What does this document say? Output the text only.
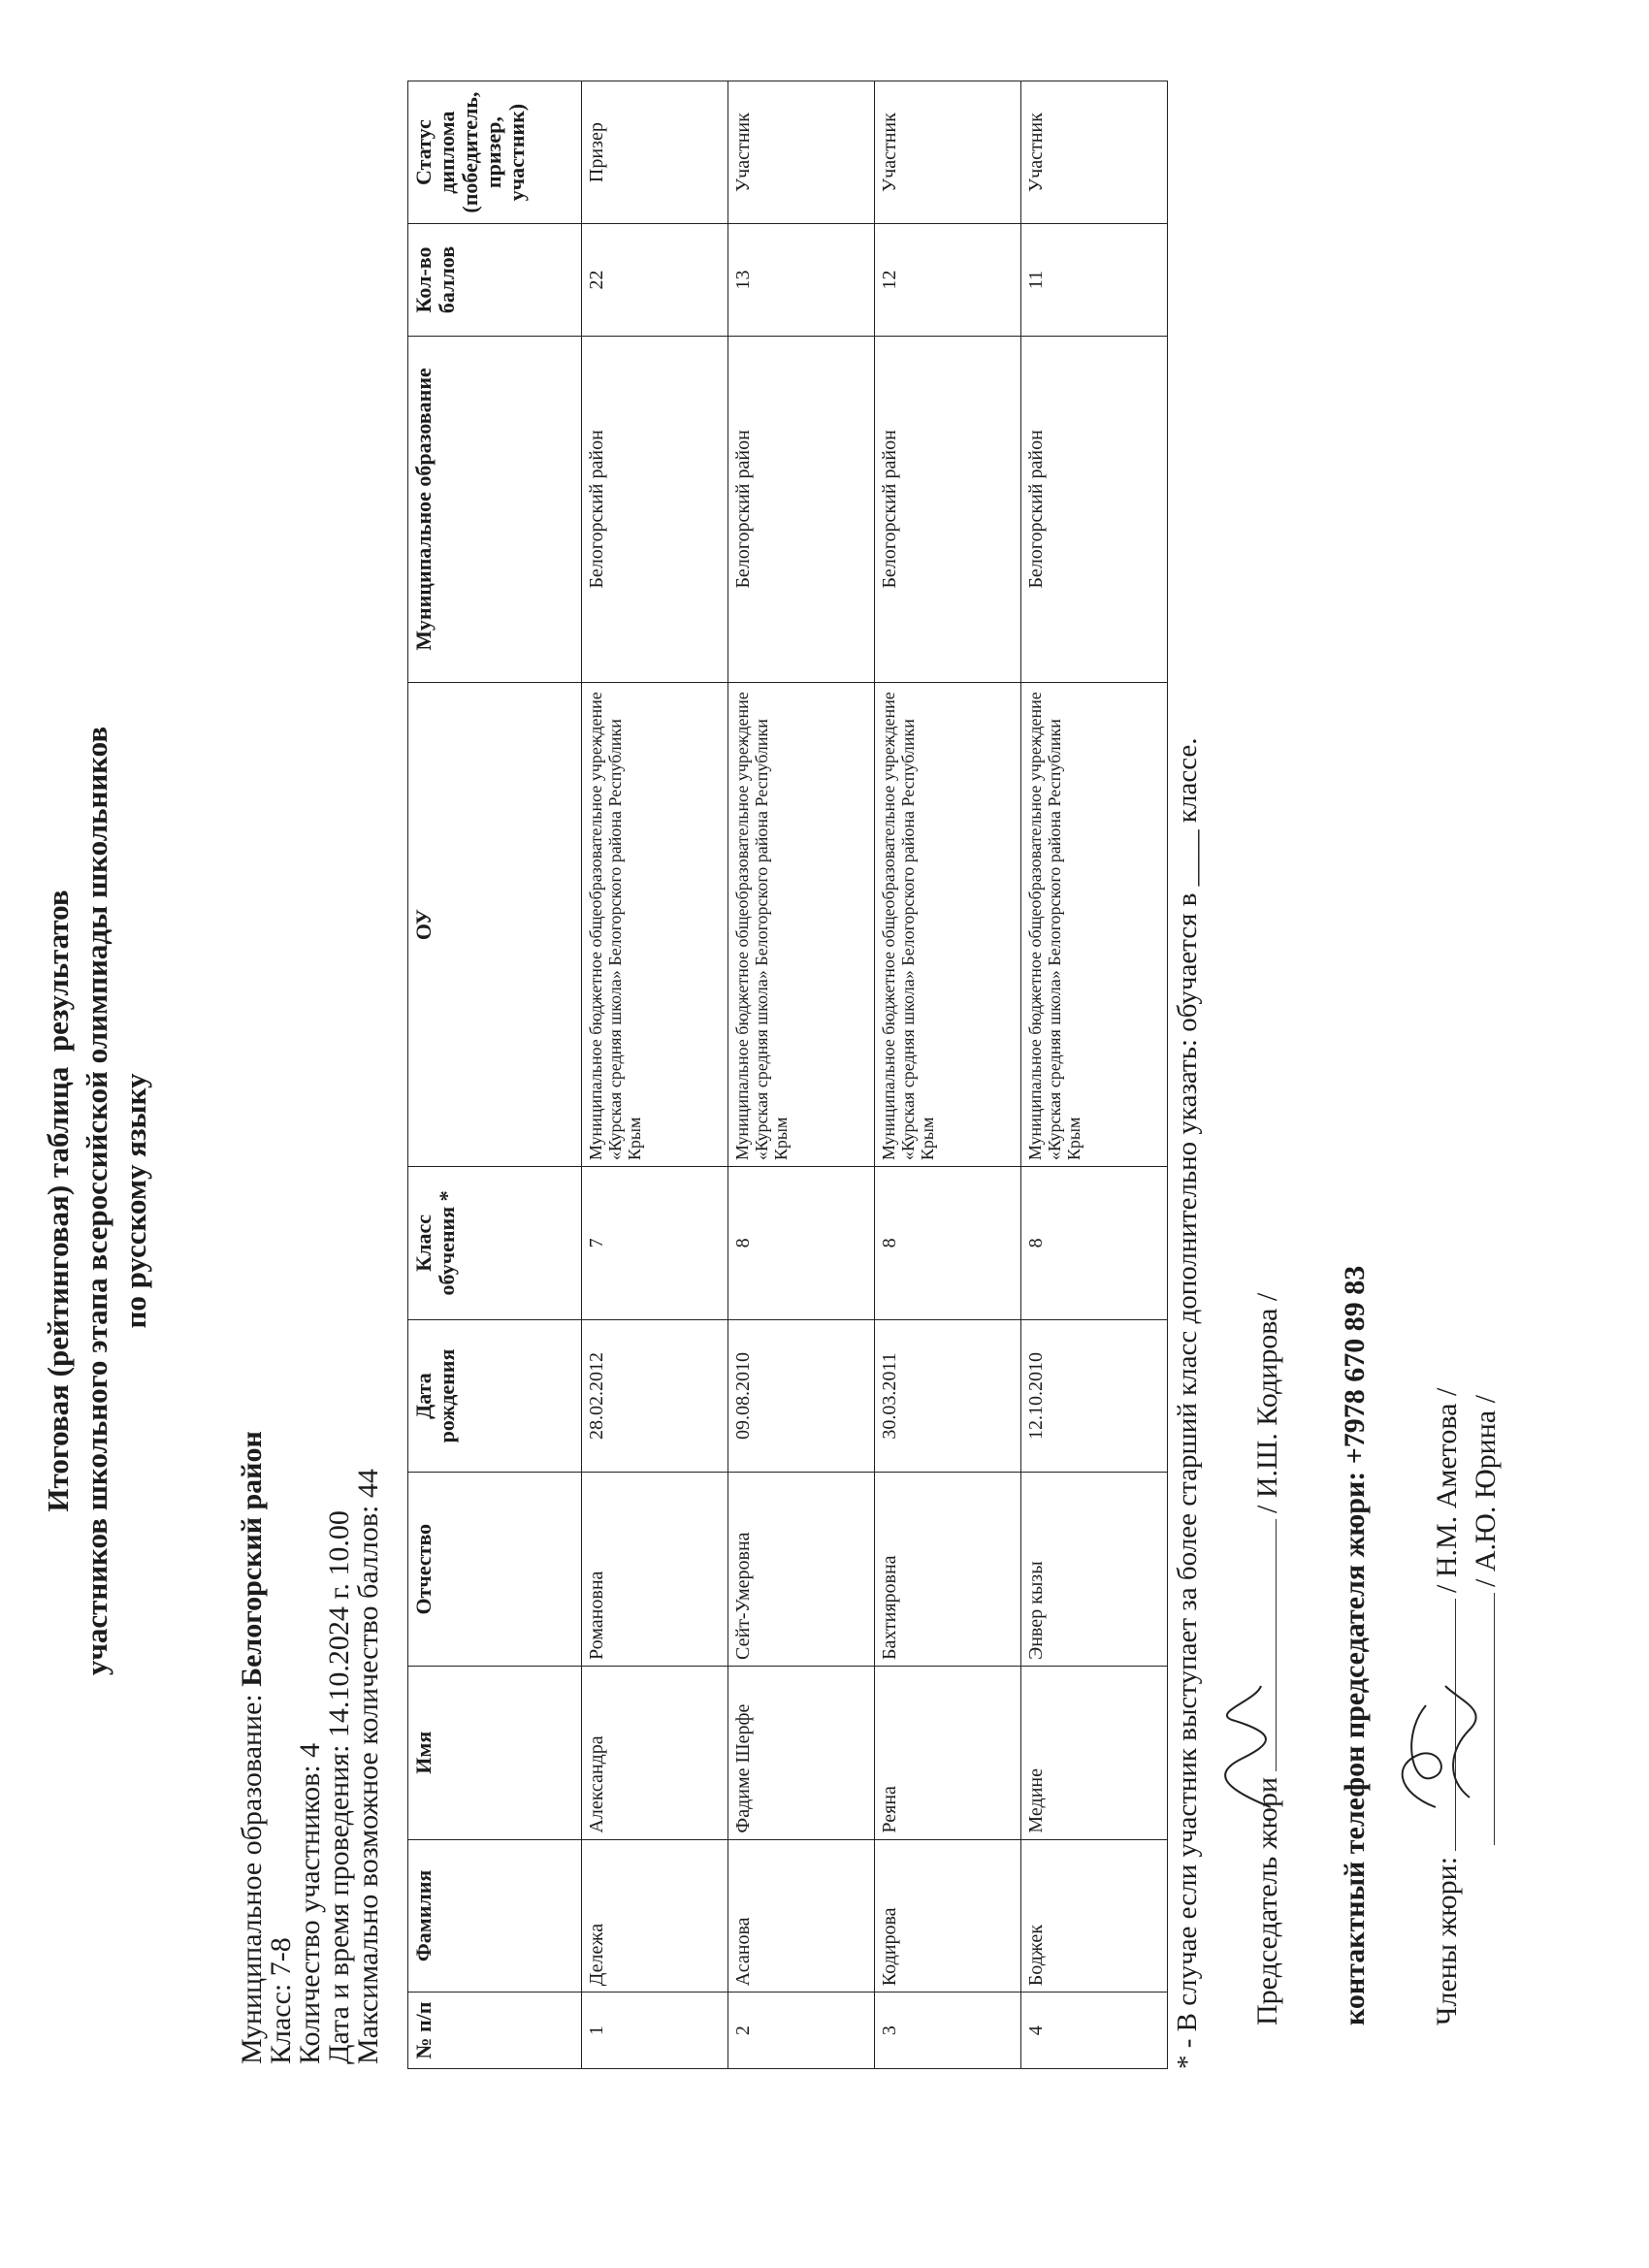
Итоговая (рейтинговая) таблица  результатов участников школьного этапа всероссийской олимпиады школьников по русскому языку
Муниципальное образование: Белогорский район
Класс: 7-8
Количество участников: 4
Дата и время проведения: 14.10.2024 г. 10.00
Максимально возможное количество баллов: 44 № п/п	Фамилия	Имя	Отчество	Дата рождения	Класс обучения *	ОУ	Муниципальное образование	Кол-во баллов	Статус диплома (победитель, призер, участник)
1	Дележа	Александра	Романовна	28.02.2012	7	Муниципальное бюджетное общеобразовательное учреждение «Курская средняя школа» Белогорского района Республики Крым	Белогорский район	22	Призер
2	Асанова	Фадиме Шерфе	Сейт-Умеровна	09.08.2010	8	Муниципальное бюджетное общеобразовательное учреждение «Курская средняя школа» Белогорского района Республики Крым	Белогорский район	13	Участник
3	Кодирова	Реяна	Бахтияровна	30.03.2011	8	Муниципальное бюджетное общеобразовательное учреждение «Курская средняя школа» Белогорского района Республики Крым	Белогорский район	12	Участник
4	Боджек	Медине	Энвер кызы	12.10.2010	8	Муниципальное бюджетное общеобразовательное учреждение «Курская средняя школа» Белогорского района Республики Крым	Белогорский район	11	Участник
* - В случае если участник выступает за более старший класс дополнительно указать: обучается в ____ классе. Председатель жюри/ И.Ш. Кодирова / контактный телефон председателя жюри: +7978 670 89 83 Члены жюри:/ Н.М. Аметова / / А.Ю. Юрина /
